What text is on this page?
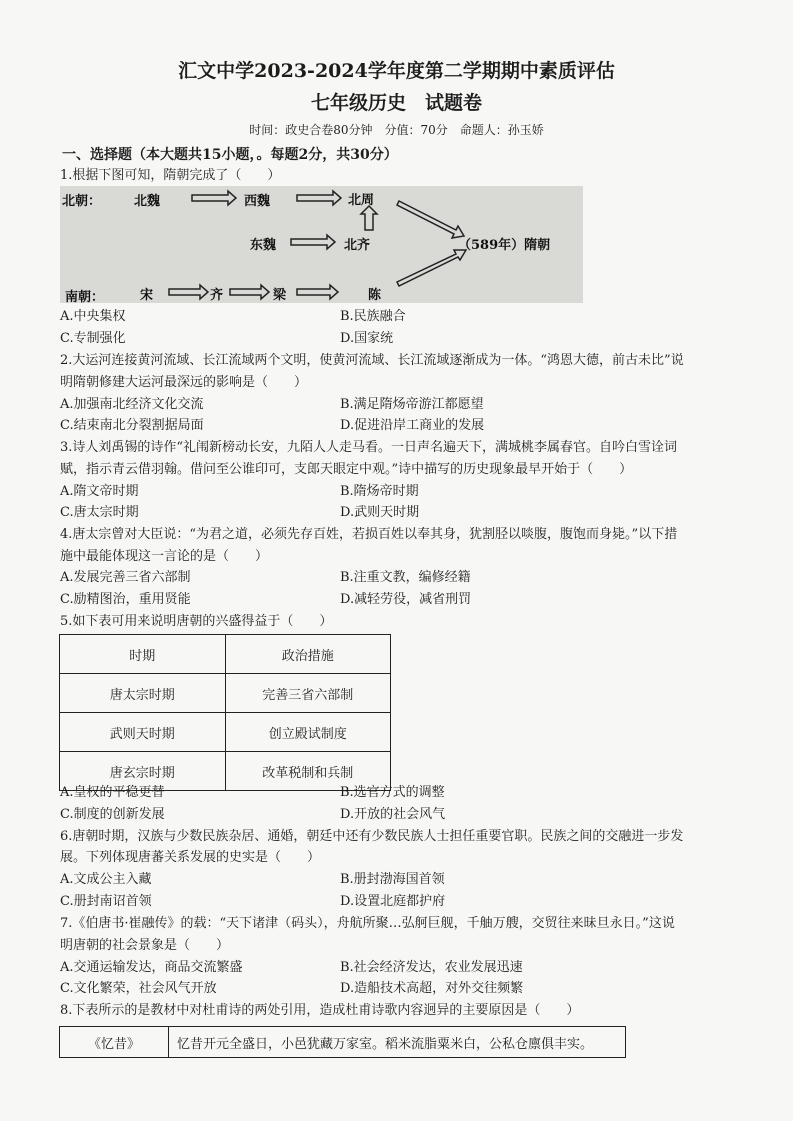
汇文中学2023-2024学年度第二学期期中素质评估
七年级历史　试题卷
时间：政史合卷80分钟　分值：70分　命题人：孙玉娇
一、选择题（本大题共15小题，。每题2分，共30分）
1.根据下图可知，隋朝完成了（　　）
北朝：	北魏	西魏	北周
东魏	北齐	（589年）隋朝
南朝：	宋	齐	梁	陈
A.中央集权	B.民族融合
C.专制强化	D.国家统
2.大运河连接黄河流域、长江流域两个文明，使黄河流域、长江流域逐渐成为一体。“鸿恩大德，前古未比”说
明隋朝修建大运河最深远的影响是（　　）
A.加强南北经济文化交流	B.满足隋炀帝游江都愿望
C.结束南北分裂割据局面	D.促进沿岸工商业的发展
3.诗人刘禹锡的诗作“礼闱新榜动长安，九陌人人走马看。一日声名遍天下，满城桃李属春官。自吟白雪诠词
赋，指示青云借羽翰。借问至公谁印可，支郎天眼定中观。”诗中描写的历史现象最早开始于（　　）
A.隋文帝时期	B.隋炀帝时期
C.唐太宗时期	D.武则天时期
4.唐太宗曾对大臣说：“为君之道，必须先存百姓，若损百姓以奉其身，犹割胫以啖腹，腹饱而身毙。”以下措
施中最能体现这一言论的是（　　）
A.发展完善三省六部制	B.注重文教，编修经籍
C.励精图治，重用贤能	D.减轻劳役，减省刑罚
5.如下表可用来说明唐朝的兴盛得益于（　　）
时期	政治措施
唐太宗时期	完善三省六部制
武则天时期	创立殿试制度
唐玄宗时期	改革税制和兵制
A.皇权的平稳更替	B.选官方式的调整
C.制度的创新发展	D.开放的社会风气
6.唐朝时期，汉族与少数民族杂居、通婚，朝廷中还有少数民族人士担任重要官职。民族之间的交融进一步发
展。下列体现唐蕃关系发展的史实是（　　）
A.文成公主入藏	B.册封渤海国首领
C.册封南诏首领	D.设置北庭都护府
7.《伯唐书·崔融传》的载：“天下诸津（码头），舟航所聚…弘舸巨舰，千舳万艘，交贸往来昧旦永日。”这说
明唐朝的社会景象是（　　）
A.交通运输发达，商品交流繁盛	B.社会经济发达，农业发展迅速
C.文化繁荣，社会风气开放	D.造船技术高超，对外交往频繁
8.下表所示的是教材中对杜甫诗的两处引用，造成杜甫诗歌内容迥异的主要原因是（　　）
《忆昔》	忆昔开元全盛日，小邑犹藏万家室。稻米流脂粟米白，公私仓廪俱丰实。
